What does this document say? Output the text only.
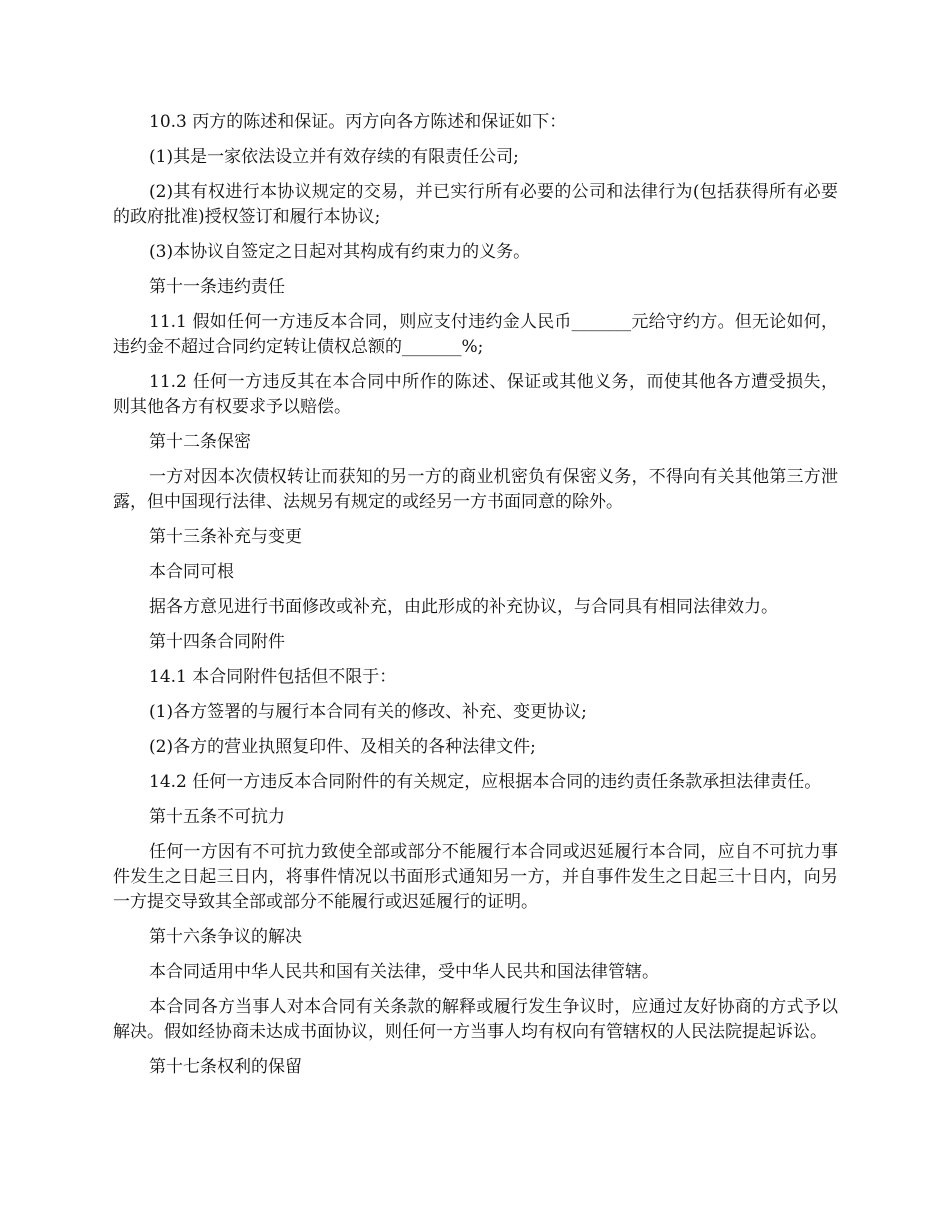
10.3 丙方的陈述和保证。丙方向各方陈述和保证如下：

(1)其是一家依法设立并有效存续的有限责任公司;

(2)其有权进行本协议规定的交易，并已实行所有必要的公司和法律行为(包括获得所有必要的政府批准)授权签订和履行本协议;

(3)本协议自签定之日起对其构成有约束力的义务。

第十一条违约责任

11.1 假如任何一方违反本合同，则应支付违约金人民币_______元给守约方。但无论如何，违约金不超过合同约定转让债权总额的_______%;

11.2 任何一方违反其在本合同中所作的陈述、保证或其他义务，而使其他各方遭受损失，则其他各方有权要求予以赔偿。

第十二条保密

一方对因本次债权转让而获知的另一方的商业机密负有保密义务，不得向有关其他第三方泄露，但中国现行法律、法规另有规定的或经另一方书面同意的除外。

第十三条补充与变更

本合同可根

据各方意见进行书面修改或补充，由此形成的补充协议，与合同具有相同法律效力。

第十四条合同附件

14.1 本合同附件包括但不限于：

(1)各方签署的与履行本合同有关的修改、补充、变更协议;

(2)各方的营业执照复印件、及相关的各种法律文件;

14.2 任何一方违反本合同附件的有关规定，应根据本合同的违约责任条款承担法律责任。

第十五条不可抗力

任何一方因有不可抗力致使全部或部分不能履行本合同或迟延履行本合同，应自不可抗力事件发生之日起三日内，将事件情况以书面形式通知另一方，并自事件发生之日起三十日内，向另一方提交导致其全部或部分不能履行或迟延履行的证明。

第十六条争议的解决

本合同适用中华人民共和国有关法律，受中华人民共和国法律管辖。

本合同各方当事人对本合同有关条款的解释或履行发生争议时，应通过友好协商的方式予以解决。假如经协商未达成书面协议，则任何一方当事人均有权向有管辖权的人民法院提起诉讼。

第十七条权利的保留
